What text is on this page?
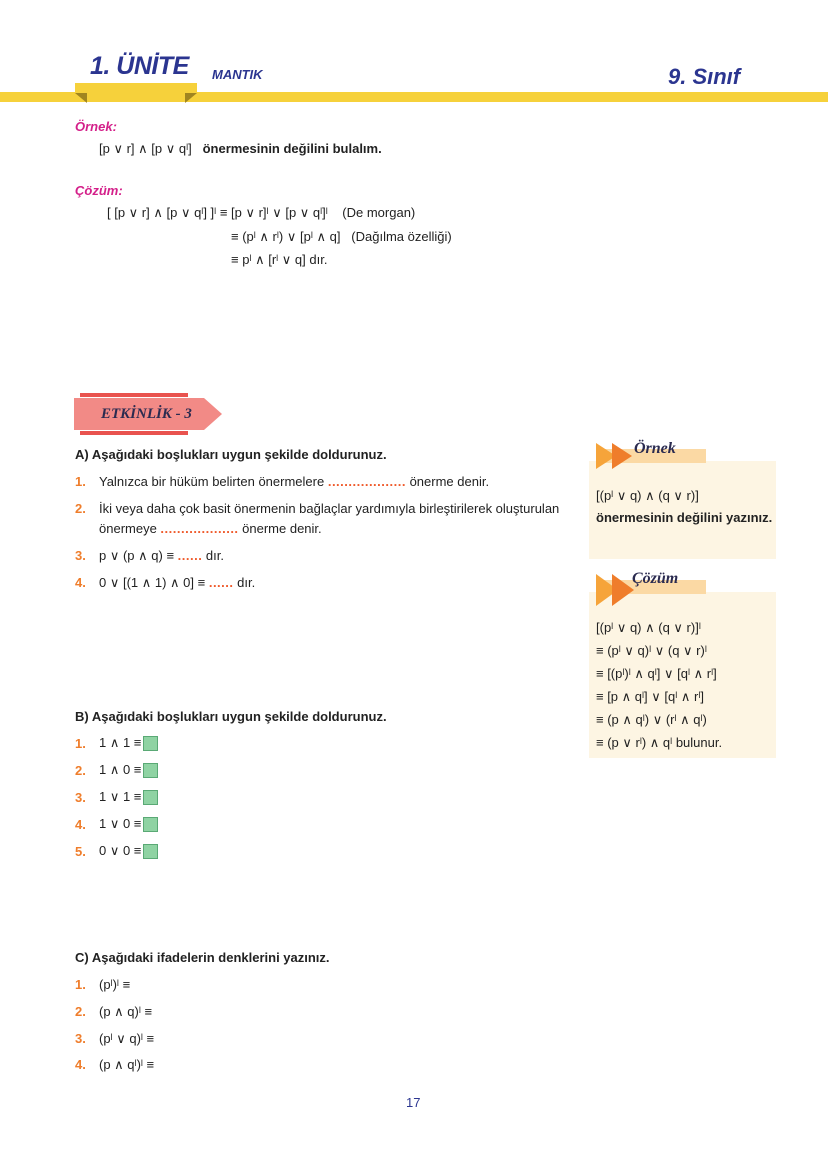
1. ÜNİTE MANTIK	9. Sınıf
Örnek:
[p ∨ r] ∧ [p ∨ qˡ] önermesinin değilini bulalım.
Çözüm:
[ [p ∨ r] ∧ [p ∨ qˡ] ]ˡ ≡ [p ∨ r]ˡ ∨ [p ∨ qˡ]ˡ (De morgan)
≡ (pˡ ∧ rˡ) ∨ [pˡ ∧ q] (Dağılma özelliği)
≡ pˡ ∧ [rˡ ∨ q] dır.
ETKİNLİK - 3
A) Aşağıdaki boşlukları uygun şekilde doldurunuz.
1. Yalnızca bir hüküm belirten önermelere ................... önerme denir.
2. İki veya daha çok basit önermenin bağlaçlar yardımıyla birleştirilerek oluşturulan
önermeye ................... önerme denir.
3. p ∨ (p ∧ q) ≡ ...... dır.
4. 0 ∨ [(1 ∧ 1) ∧ 0] ≡ ...... dır.
B) Aşağıdaki boşlukları uygun şekilde doldurunuz.
1. 1 ∧ 1 ≡
2. 1 ∧ 0 ≡
3. 1 ∨ 1 ≡
4. 1 ∨ 0 ≡
5. 0 ∨ 0 ≡
C) Aşağıdaki ifadelerin denklerini yazınız.
1. (pˡ)ˡ ≡
2. (p ∧ q)ˡ ≡
3. (pˡ ∨ q)ˡ ≡
4. (p ∧ qˡ)ˡ ≡
Örnek
[(pˡ ∨ q) ∧ (q ∨ r)]
önermesinin değilini yazınız.
Çözüm
[(pˡ ∨ q) ∧ (q ∨ r)]ˡ
≡ (pˡ ∨ q)ˡ ∨ (q ∨ r)ˡ
≡ [(pˡ)ˡ ∧ qˡ] ∨ [qˡ ∧ rˡ]
≡ [p ∧ qˡ] ∨ [qˡ ∧ rˡ]
≡ (p ∧ qˡ) ∨ (rˡ ∧ qˡ)
≡ (p ∨ rˡ) ∧ qˡ bulunur.
17
